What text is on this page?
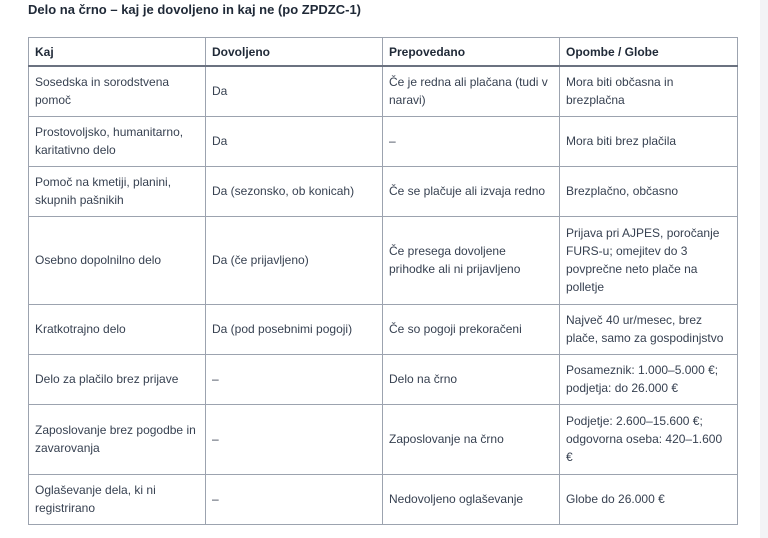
Delo na črno – kaj je dovoljeno in kaj ne (po ZPDZC-1)
Kaj	Dovoljeno	Prepovedano	Opombe / Globe
Sosedska in sorodstvena pomoč	Da	Če je redna ali plačana (tudi v naravi)	Mora biti občasna in brezplačna
Prostovoljsko, humanitarno, karitativno delo	Da	–	Mora biti brez plačila
Pomoč na kmetiji, planini, skupnih pašnikih	Da (sezonsko, ob konicah)	Če se plačuje ali izvaja redno	Brezplačno, občasno
Osebno dopolnilno delo	Da (če prijavljeno)	Če presega dovoljene prihodke ali ni prijavljeno	Prijava pri AJPES, poročanje FURS-u; omejitev do 3 povprečne neto plače na polletje
Kratkotrajno delo	Da (pod posebnimi pogoji)	Če so pogoji prekoračeni	Največ 40 ur/mesec, brez plače, samo za gospodinjstvo
Delo za plačilo brez prijave	–	Delo na črno	Posameznik: 1.000–5.000 €; podjetja: do 26.000 €
Zaposlovanje brez pogodbe in zavarovanja	–	Zaposlovanje na črno	Podjetje: 2.600–15.600 €; odgovorna oseba: 420–1.600 €
Oglaševanje dela, ki ni registrirano	–	Nedovoljeno oglaševanje	Globe do 26.000 €
